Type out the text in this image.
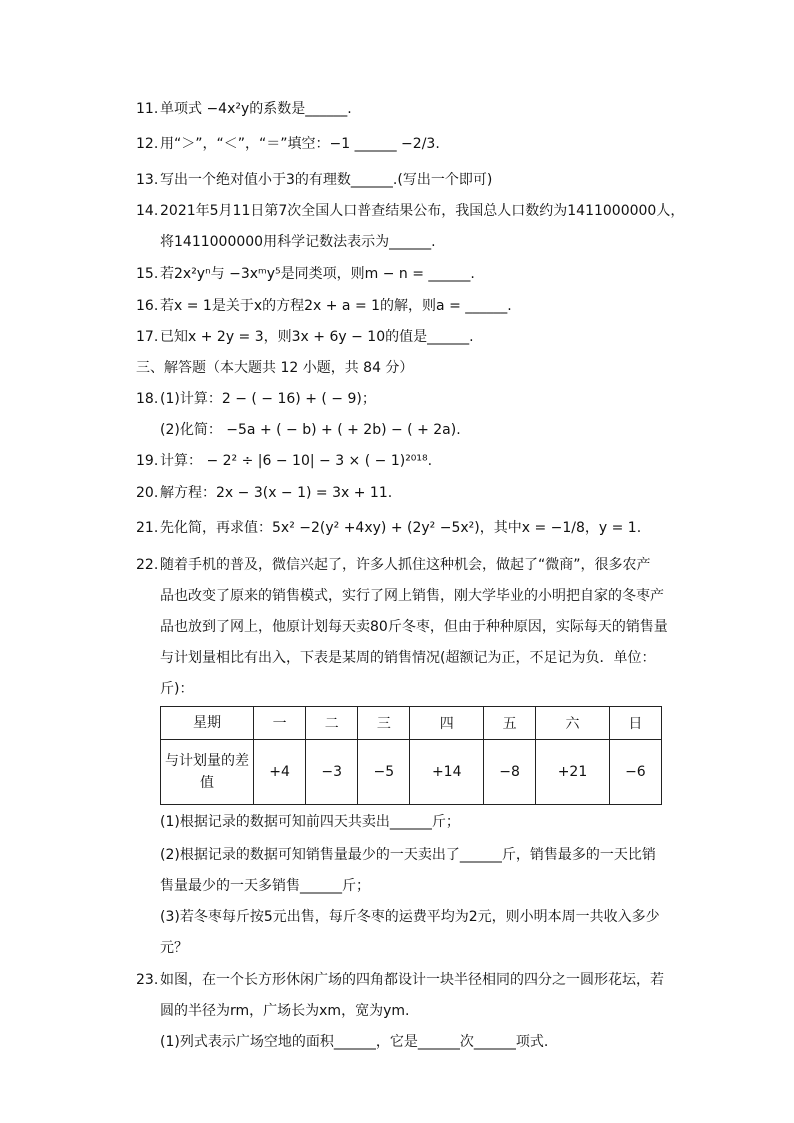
11. 单项式 −4x²y的系数是______.
12. 用“＞”，“＜”，“＝”填空：−1 ______ −2/3.
13. 写出一个绝对值小于3的有理数______.(写出一个即可)
14. 2021年5月11日第7次全国人口普查结果公布，我国总人口数约为1411000000人，
将1411000000用科学记数法表示为______.
15. 若2x²yⁿ与 −3xᵐy⁵是同类项，则m − n = ______.
16. 若x = 1是关于x的方程2x + a = 1的解，则a = ______.
17. 已知x + 2y = 3，则3x + 6y − 10的值是______.
三、解答题（本大题共 12 小题，共 84 分）
18. (1)计算：2 − ( − 16) + ( − 9)；
(2)化简： −5a + ( − b) + ( + 2b) − ( + 2a).
19. 计算： − 2² ÷ |6 − 10| − 3 × ( − 1)²⁰¹⁸.
20. 解方程：2x − 3(x − 1) = 3x + 11.
21. 先化简，再求值：5x² −2(y² +4xy) + (2y² −5x²)，其中x = −1/8，y = 1.
22. 随着手机的普及，微信兴起了，许多人抓住这种机会，做起了“微商”，很多农产
品也改变了原来的销售模式，实行了网上销售，刚大学毕业的小明把自家的冬枣产
品也放到了网上，他原计划每天卖80斤冬枣，但由于种种原因，实际每天的销售量
与计划量相比有出入，下表是某周的销售情况(超额记为正，不足记为负．单位：
斤)：
星期	一	二	三	四	五	六	日

与计划量的差
值	+4	−3	−5	+14	−8	+21	−6
(1)根据记录的数据可知前四天共卖出______斤；
(2)根据记录的数据可知销售量最少的一天卖出了______斤，销售最多的一天比销
售量最少的一天多销售______斤；
(3)若冬枣每斤按5元出售，每斤冬枣的运费平均为2元，则小明本周一共收入多少
元？
23. 如图，在一个长方形休闲广场的四角都设计一块半径相同的四分之一圆形花坛，若
圆的半径为rm，广场长为xm，宽为ym.
(1)列式表示广场空地的面积______，它是______次______项式.
